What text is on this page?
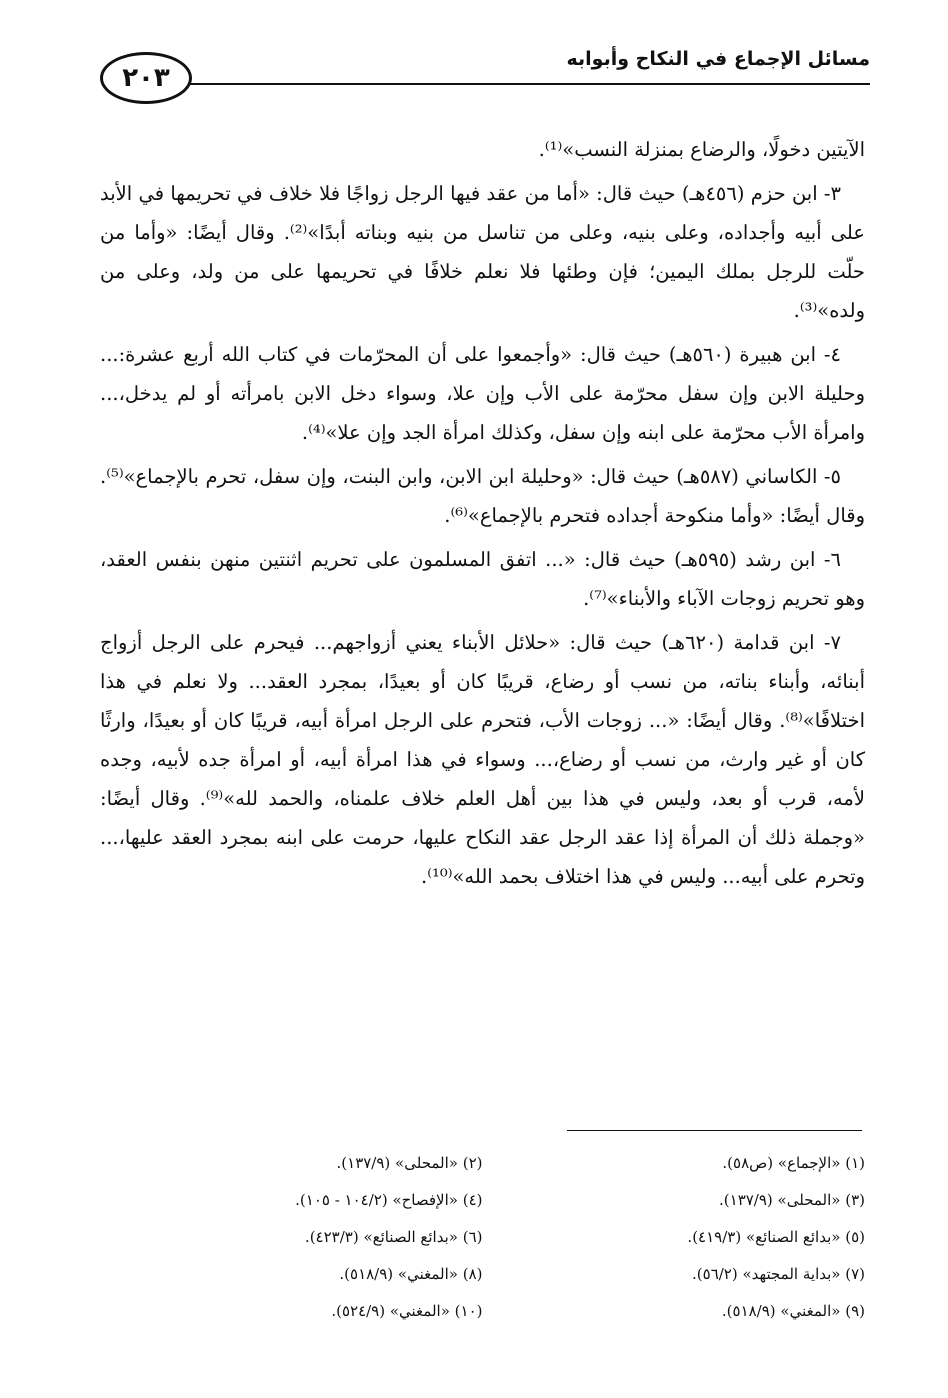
مسائل الإجماع في النكاح وأبوابه
٢٠٣

الآيتين دخولًا، والرضاع بمنزلة النسب»⁽¹⁾.

٣- ابن حزم (٤٥٦هـ) حيث قال: «أما من عقد فيها الرجل زواجًا فلا خلاف في تحريمها في الأبد على أبيه وأجداده، وعلى بنيه، وعلى من تناسل من بنيه وبناته أبدًا»⁽²⁾. وقال أيضًا: «وأما من حلّت للرجل بملك اليمين؛ فإن وطئها فلا نعلم خلافًا في تحريمها على من ولد، وعلى من ولده»⁽³⁾.

٤- ابن هبيرة (٥٦٠هـ) حيث قال: «وأجمعوا على أن المحرّمات في كتاب الله أربع عشرة:... وحليلة الابن وإن سفل محرّمة على الأب وإن علا، وسواء دخل الابن بامرأته أو لم يدخل،... وامرأة الأب محرّمة على ابنه وإن سفل، وكذلك امرأة الجد وإن علا»⁽⁴⁾.

٥- الكاساني (٥٨٧هـ) حيث قال: «وحليلة ابن الابن، وابن البنت، وإن سفل، تحرم بالإجماع»⁽⁵⁾. وقال أيضًا: «وأما منكوحة أجداده فتحرم بالإجماع»⁽⁶⁾.

٦- ابن رشد (٥٩٥هـ) حيث قال: «... اتفق المسلمون على تحريم اثنتين منهن بنفس العقد، وهو تحريم زوجات الآباء والأبناء»⁽⁷⁾.

٧- ابن قدامة (٦٢٠هـ) حيث قال: «حلائل الأبناء يعني أزواجهم... فيحرم على الرجل أزواج أبنائه، وأبناء بناته، من نسب أو رضاع، قريبًا كان أو بعيدًا، بمجرد العقد... ولا نعلم في هذا اختلافًا»⁽⁸⁾. وقال أيضًا: «... زوجات الأب، فتحرم على الرجل امرأة أبيه، قريبًا كان أو بعيدًا، وارثًا كان أو غير وارث، من نسب أو رضاع،... وسواء في هذا امرأة أبيه، أو امرأة جده لأبيه، وجده لأمه، قرب أو بعد، وليس في هذا بين أهل العلم خلاف علمناه، والحمد لله»⁽⁹⁾. وقال أيضًا: «وجملة ذلك أن المرأة إذا عقد الرجل عقد النكاح عليها، حرمت على ابنه بمجرد العقد عليها،... وتحرم على أبيه... وليس في هذا اختلاف بحمد الله»⁽¹⁰⁾.

(١) «الإجماع» (ص٥٨).
(٢) «المحلى» (١٣٧/٩).
(٣) «المحلى» (١٣٧/٩).
(٤) «الإفصاح» (١٠٤/٢ - ١٠٥).
(٥) «بدائع الصنائع» (٤١٩/٣).
(٦) «بدائع الصنائع» (٤٢٣/٣).
(٧) «بداية المجتهد» (٥٦/٢).
(٨) «المغني» (٥١٨/٩).
(٩) «المغني» (٥١٨/٩).
(١٠) «المغني» (٥٢٤/٩).
